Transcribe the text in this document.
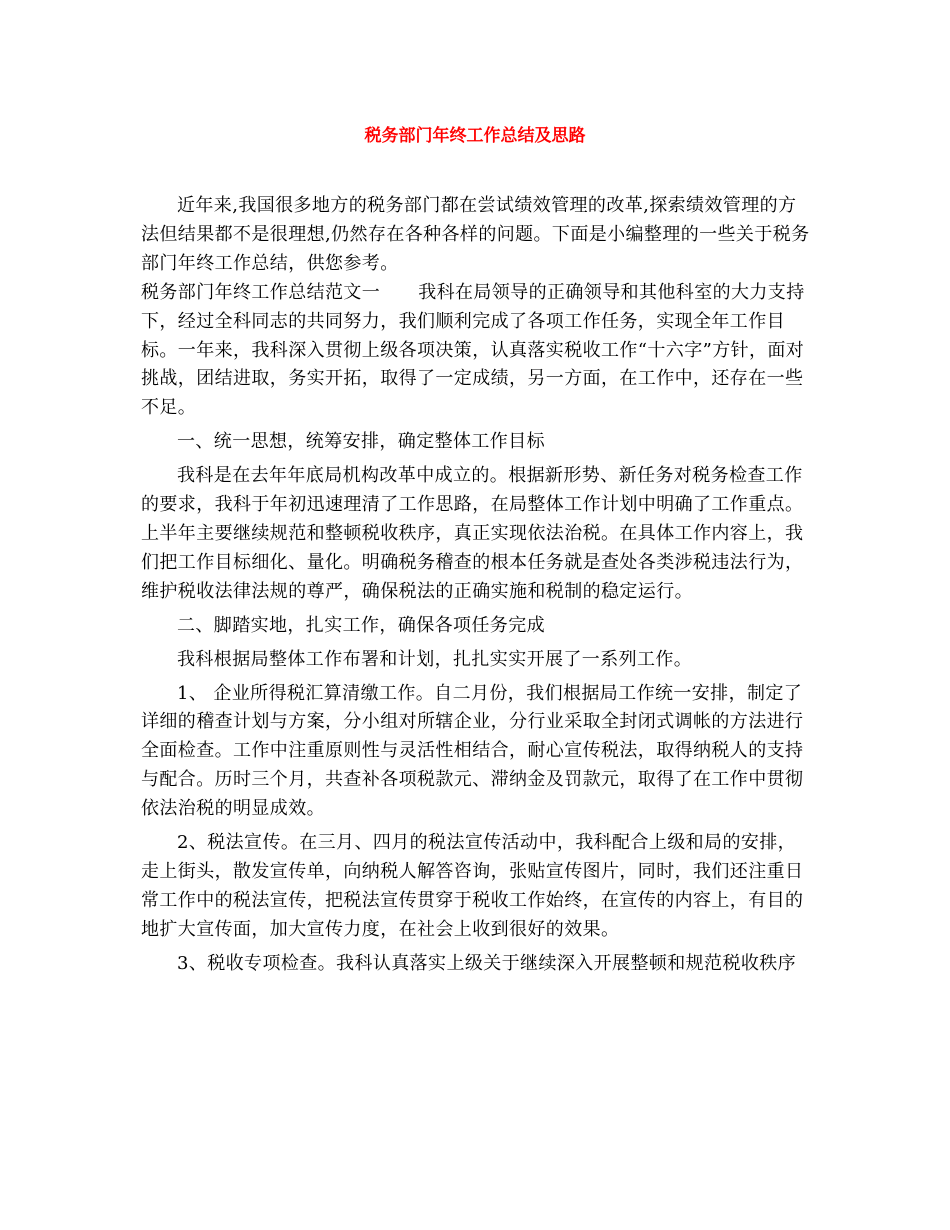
税务部门年终工作总结及思路

近年来,我国很多地方的税务部门都在尝试绩效管理的改革,探索绩效管理的方法但结果都不是很理想,仍然存在各种各样的问题。下面是小编整理的一些关于税务部门年终工作总结，供您参考。

税务部门年终工作总结范文一 我科在局领导的正确领导和其他科室的大力支持下，经过全科同志的共同努力，我们顺利完成了各项工作任务，实现全年工作目标。一年来，我科深入贯彻上级各项决策，认真落实税收工作“十六字”方针，面对挑战，团结进取，务实开拓，取得了一定成绩，另一方面，在工作中，还存在一些不足。

一、统一思想，统筹安排，确定整体工作目标

我科是在去年年底局机构改革中成立的。根据新形势、新任务对税务检查工作的要求，我科于年初迅速理清了工作思路，在局整体工作计划中明确了工作重点。上半年主要继续规范和整顿税收秩序，真正实现依法治税。在具体工作内容上，我们把工作目标细化、量化。明确税务稽查的根本任务就是查处各类涉税违法行为，维护税收法律法规的尊严，确保税法的正确实施和税制的稳定运行。

二、脚踏实地，扎实工作，确保各项任务完成

我科根据局整体工作布署和计划，扎扎实实开展了一系列工作。

1、 企业所得税汇算清缴工作。自二月份，我们根据局工作统一安排，制定了详细的稽查计划与方案，分小组对所辖企业，分行业采取全封闭式调帐的方法进行全面检查。工作中注重原则性与灵活性相结合，耐心宣传税法，取得纳税人的支持与配合。历时三个月，共查补各项税款元、滞纳金及罚款元，取得了在工作中贯彻依法治税的明显成效。

2、税法宣传。在三月、四月的税法宣传活动中，我科配合上级和局的安排，走上街头，散发宣传单，向纳税人解答咨询，张贴宣传图片，同时，我们还注重日常工作中的税法宣传，把税法宣传贯穿于税收工作始终，在宣传的内容上，有目的地扩大宣传面，加大宣传力度，在社会上收到很好的效果。

3、税收专项检查。我科认真落实上级关于继续深入开展整顿和规范税收秩序
